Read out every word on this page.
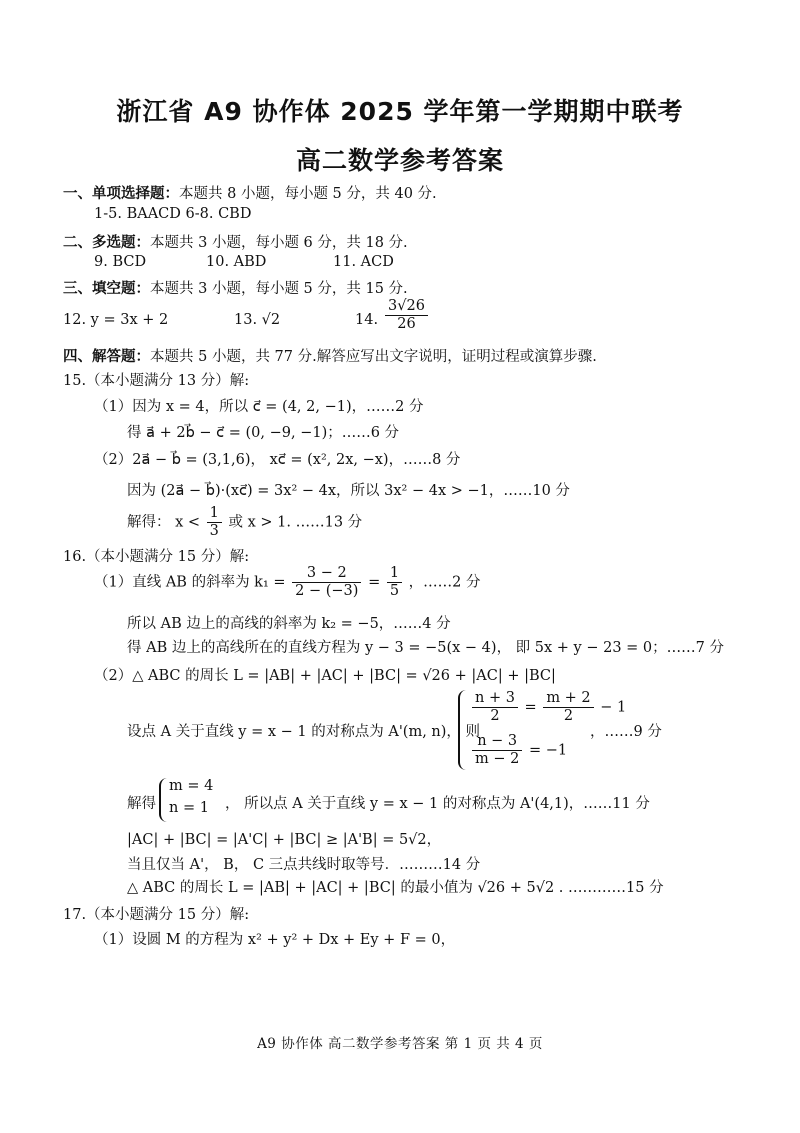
浙江省 A9 协作体 2025 学年第一学期期中联考
高二数学参考答案
一、单项选择题：本题共 8 小题，每小题 5 分，共 40 分.
1-5. BAACD 6-8. CBD
二、多选题：本题共 3 小题，每小题 6 分，共 18 分.
9. BCD	10. ABD	11. ACD
三、填空题：本题共 3 小题，每小题 5 分，共 15 分.
12. y = 3x + 2	13. √2	14. $\frac{3√26}{26}$
四、解答题：本题共 5 小题，共 77 分.解答应写出文字说明，证明过程或演算步骤.
15.（本小题满分 13 分）解:
（1）因为 x = 4，所以 c⃗ = (4, 2, −1)，……2 分
得 a⃗ + 2b⃗ − c⃗ = (0, −9, −1)；……6 分
（2）2a⃗ − b⃗ = (3,1,6)， xc⃗ = (x², 2x, −x)，……8 分
因为 (2a⃗ − b⃗)·(xc⃗) = 3x² − 4x，所以 3x² − 4x > −1，……10 分
解得： $x < \frac{1}{3}$ 或 x > 1. ……13 分
16.（本小题满分 15 分）解:
（1）直线 AB 的斜率为 $k_1 = \frac{3 - 2}{2 - (-3)} = \frac{1}{5}$ ，……2 分
所以 AB 边上的高线的斜率为 k₂ = −5，……4 分
得 AB 边上的高线所在的直线方程为 y − 3 = −5(x − 4)， 即 5x + y − 23 = 0；……7 分
（2）△ ABC 的周长 L = |AB| + |AC| + |BC| = √26 + |AC| + |BC|
设点 A 关于直线 y = x − 1 的对称点为 A'(m, n)， 则
$\frac{n + 3}{2} = \frac{m + 2}{2} - 1$
$\frac{n - 3}{m - 2} = -1$
，……9 分
解得
m = 4
n = 1 ， 所以点 A 关于直线 y = x − 1 的对称点为 A'(4,1)，……11 分
|AC| + |BC| = |A'C| + |BC| ≥ |A'B| = 5√2，
当且仅当 A'， B， C 三点共线时取等号．………14 分
△ ABC 的周长 L = |AB| + |AC| + |BC| 的最小值为 √26 + 5√2 . …………15 分
17.（本小题满分 15 分）解:
（1）设圆 M 的方程为 x² + y² + Dx + Ey + F = 0，
A9 协作体 高二数学参考答案 第 1 页 共 4 页
